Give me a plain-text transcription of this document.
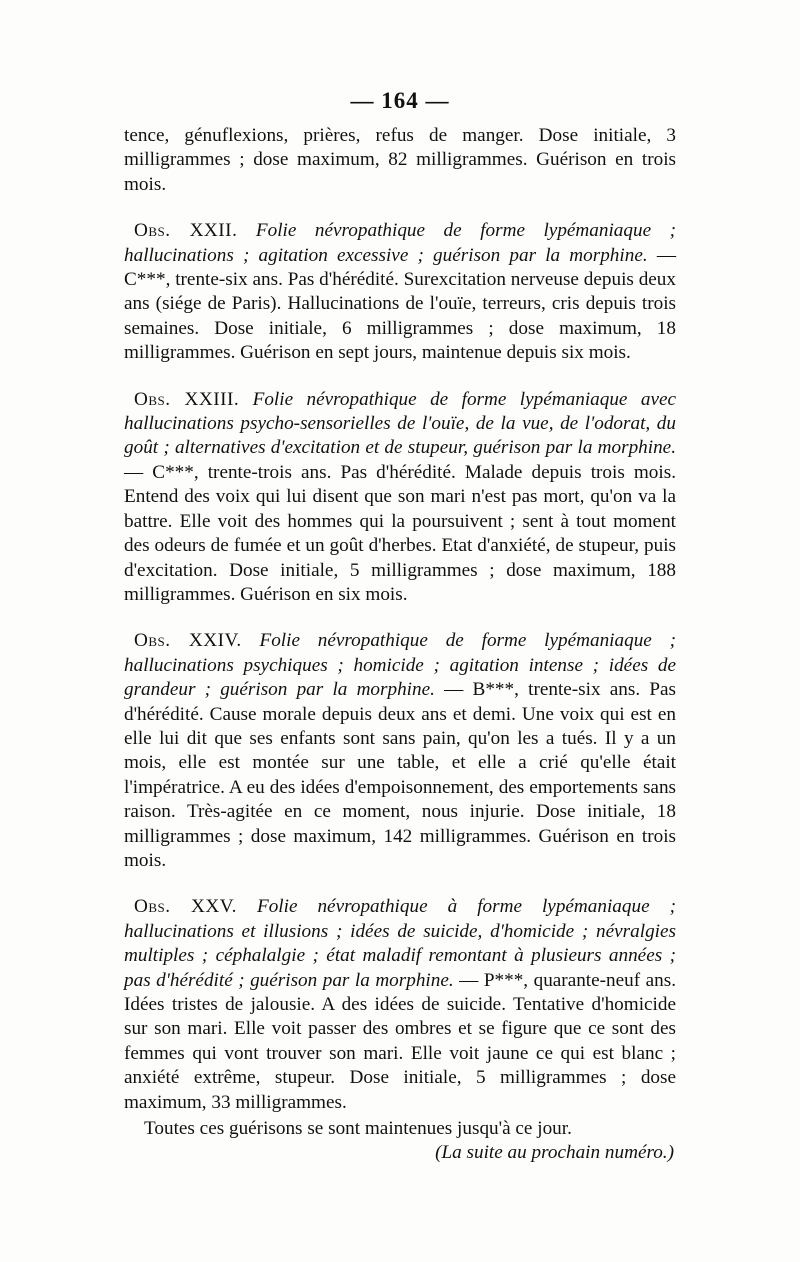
— 164 —

tence, génuflexions, prières, refus de manger. Dose initiale, 3 milligrammes ; dose maximum, 82 milligrammes. Guérison en trois mois.

Obs. XXII. Folie névropathique de forme lypémaniaque ; hallucinations ; agitation excessive ; guérison par la morphine. — C***, trente-six ans. Pas d'hérédité. Surexcitation nerveuse depuis deux ans (siége de Paris). Hallucinations de l'ouïe, terreurs, cris depuis trois semaines. Dose initiale, 6 milligrammes ; dose maximum, 18 milligrammes. Guérison en sept jours, maintenue depuis six mois.

Obs. XXIII. Folie névropathique de forme lypémaniaque avec hallucinations psycho-sensorielles de l'ouïe, de la vue, de l'odorat, du goût ; alternatives d'excitation et de stupeur, guérison par la morphine. — C***, trente-trois ans. Pas d'hérédité. Malade depuis trois mois. Entend des voix qui lui disent que son mari n'est pas mort, qu'on va la battre. Elle voit des hommes qui la poursuivent ; sent à tout moment des odeurs de fumée et un goût d'herbes. Etat d'anxiété, de stupeur, puis d'excitation. Dose initiale, 5 milligrammes ; dose maximum, 188 milligrammes. Guérison en six mois.

Obs. XXIV. Folie névropathique de forme lypémaniaque ; hallucinations psychiques ; homicide ; agitation intense ; idées de grandeur ; guérison par la morphine. — B***, trente-six ans. Pas d'hérédité. Cause morale depuis deux ans et demi. Une voix qui est en elle lui dit que ses enfants sont sans pain, qu'on les a tués. Il y a un mois, elle est montée sur une table, et elle a crié qu'elle était l'impératrice. A eu des idées d'empoisonnement, des emportements sans raison. Très-agitée en ce moment, nous injurie. Dose initiale, 18 milligrammes ; dose maximum, 142 milligrammes. Guérison en trois mois.

Obs. XXV. Folie névropathique à forme lypémaniaque ; hallucinations et illusions ; idées de suicide, d'homicide ; névralgies multiples ; céphalalgie ; état maladif remontant à plusieurs années ; pas d'hérédité ; guérison par la morphine. — P***, quarante-neuf ans. Idées tristes de jalousie. A des idées de suicide. Tentative d'homicide sur son mari. Elle voit passer des ombres et se figure que ce sont des femmes qui vont trouver son mari. Elle voit jaune ce qui est blanc ; anxiété extrême, stupeur. Dose initiale, 5 milligrammes ; dose maximum, 33 milligrammes.

Toutes ces guérisons se sont maintenues jusqu'à ce jour.

(La suite au prochain numéro.)
